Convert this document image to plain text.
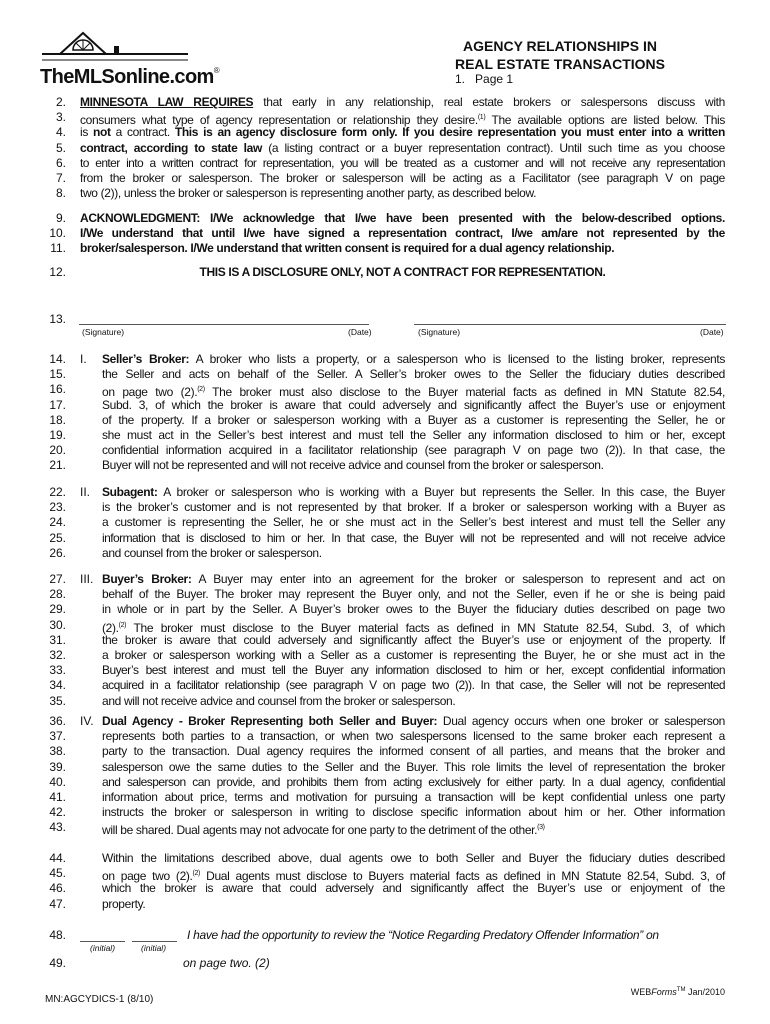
TheMLSonline.com®
AGENCY RELATIONSHIPS IN
REAL ESTATE TRANSACTIONS
1. Page 1
2. MINNESOTA LAW REQUIRES that early in any relationship, real estate brokers or salespersons discuss with
3. consumers what type of agency representation or relationship they desire.$^{(1)}$ The available options are listed below. This
4. is not a contract. This is an agency disclosure form only. If you desire representation you must enter into a written
5. contract, according to state law (a listing contract or a buyer representation contract). Until such time as you choose
6. to enter into a written contract for representation, you will be treated as a customer and will not receive any representation
7. from the broker or salesperson. The broker or salesperson will be acting as a Facilitator (see paragraph V on page
8. two (2)), unless the broker or salesperson is representing another party, as described below.
9. ACKNOWLEDGMENT: I/We acknowledge that I/we have been presented with the below-described options.
10. I/We understand that until I/we have signed a representation contract, I/we am/are not represented by the
11. broker/salesperson. I/We understand that written consent is required for a dual agency relationship.
12.	THIS IS A DISCLOSURE ONLY, NOT A CONTRACT FOR REPRESENTATION.
13.
(Signature)	(Date)	(Signature)	(Date)
14. I. Seller’s Broker: A broker who lists a property, or a salesperson who is licensed to the listing broker, represents
15.	the Seller and acts on behalf of the Seller. A Seller’s broker owes to the Seller the fiduciary duties described
16.	on page two (2).$^{(2)}$ The broker must also disclose to the Buyer material facts as defined in MN Statute 82.54,
17.	Subd. 3, of which the broker is aware that could adversely and significantly affect the Buyer’s use or enjoyment
18.	of the property. If a broker or salesperson working with a Buyer as a customer is representing the Seller, he or
19.	she must act in the Seller’s best interest and must tell the Seller any information disclosed to him or her, except
20.	confidential information acquired in a facilitator relationship (see paragraph V on page two (2)). In that case, the
21.	Buyer will not be represented and will not receive advice and counsel from the broker or salesperson.
22. II. Subagent: A broker or salesperson who is working with a Buyer but represents the Seller. In this case, the Buyer
23.	is the broker’s customer and is not represented by that broker. If a broker or salesperson working with a Buyer as
24.	a customer is representing the Seller, he or she must act in the Seller’s best interest and must tell the Seller any
25.	information that is disclosed to him or her. In that case, the Buyer will not be represented and will not receive advice
26.	and counsel from the broker or salesperson.
27. III. Buyer’s Broker: A Buyer may enter into an agreement for the broker or salesperson to represent and act on
28.	behalf of the Buyer. The broker may represent the Buyer only, and not the Seller, even if he or she is being paid
29.	in whole or in part by the Seller. A Buyer’s broker owes to the Buyer the fiduciary duties described on page two
30.	(2).$^{(2)}$ The broker must disclose to the Buyer material facts as defined in MN Statute 82.54, Subd. 3, of which
31.	the broker is aware that could adversely and significantly affect the Buyer’s use or enjoyment of the property. If
32.	a broker or salesperson working with a Seller as a customer is representing the Buyer, he or she must act in the
33.	Buyer’s best interest and must tell the Buyer any information disclosed to him or her, except confidential information
34.	acquired in a facilitator relationship (see paragraph V on page two (2)). In that case, the Seller will not be represented
35.	and will not receive advice and counsel from the broker or salesperson.
36. IV. Dual Agency - Broker Representing both Seller and Buyer: Dual agency occurs when one broker or salesperson
37.	represents both parties to a transaction, or when two salespersons licensed to the same broker each represent a
38.	party to the transaction. Dual agency requires the informed consent of all parties, and means that the broker and
39.	salesperson owe the same duties to the Seller and the Buyer. This role limits the level of representation the broker
40.	and salesperson can provide, and prohibits them from acting exclusively for either party. In a dual agency, confidential
41.	information about price, terms and motivation for pursuing a transaction will be kept confidential unless one party
42.	instructs the broker or salesperson in writing to disclose specific information about him or her. Other information
43.	will be shared. Dual agents may not advocate for one party to the detriment of the other.$^{(3)}$
44.	Within the limitations described above, dual agents owe to both Seller and Buyer the fiduciary duties described
45.	on page two (2).$^{(2)}$ Dual agents must disclose to Buyers material facts as defined in MN Statute 82.54, Subd. 3, of
46.	which the broker is aware that could adversely and significantly affect the Buyer’s use or enjoyment of the
47.	property.
48.	I have had the opportunity to review the “Notice Regarding Predatory Offender Information” on
(initial)	(initial)
49.	on page two. (2)
MN:AGCYDICS-1 (8/10)
WEBForms™ Jan/2010
